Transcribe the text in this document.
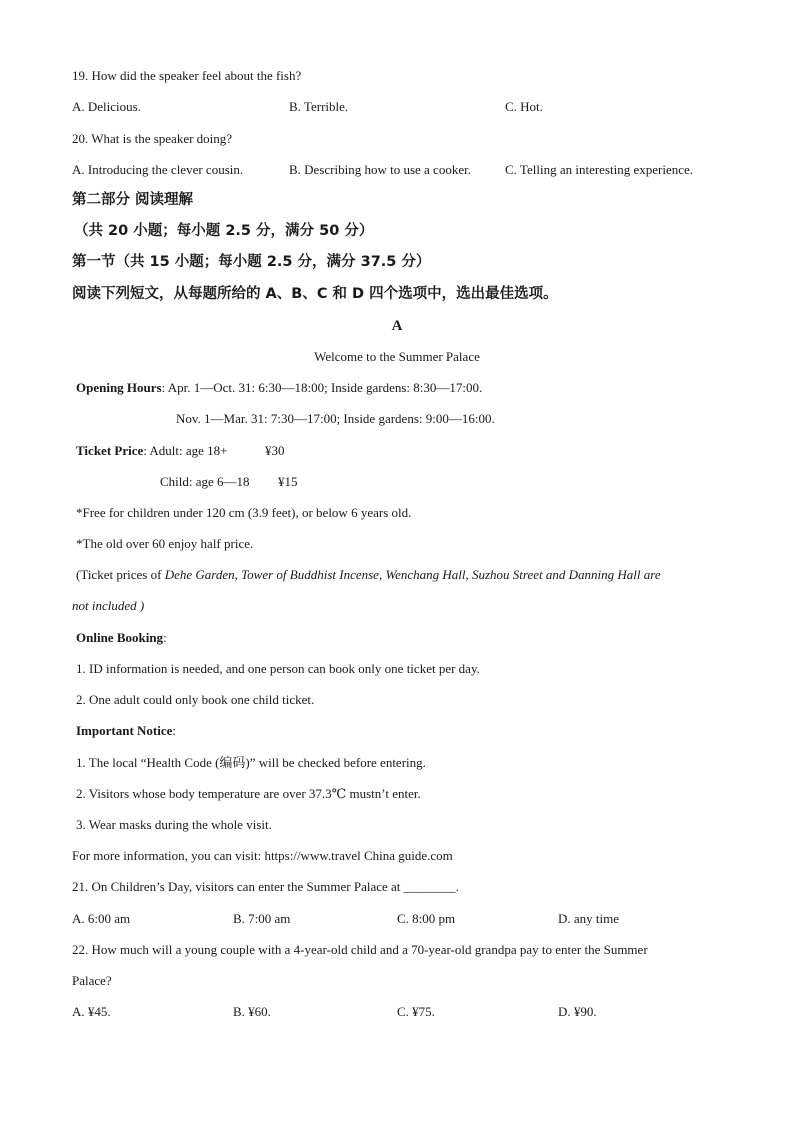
19. How did the speaker feel about the fish?
A. Delicious.	B. Terrible.	C. Hot.
20. What is the speaker doing?
A. Introducing the clever cousin.	B. Describing how to use a cooker.	C. Telling an interesting experience.
第二部分 阅读理解
（共 20 小题；每小题 2.5 分，满分 50 分）
第一节（共 15 小题；每小题 2.5 分，满分 37.5 分）
阅读下列短文，从每题所给的 A、B、C 和 D 四个选项中，选出最佳选项。
A
Welcome to the Summer Palace
Opening Hours: Apr. 1—Oct. 31: 6:30—18:00; Inside gardens: 8:30—17:00.
Nov. 1—Mar. 31: 7:30—17:00; Inside gardens: 9:00—16:00.
Ticket Price: Adult: age 18+	¥30
Child: age 6—18 ¥15
*Free for children under 120 cm (3.9 feet), or below 6 years old.
*The old over 60 enjoy half price.
(Ticket prices of Dehe Garden, Tower of Buddhist Incense, Wenchang Hall, Suzhou Street and Danning Hall are
not included )
Online Booking:
1. ID information is needed, and one person can book only one ticket per day.
2. One adult could only book one child ticket.
Important Notice:
1. The local “Health Code (编码)” will be checked before entering.
2. Visitors whose body temperature are over 37.3℃ mustn’t enter.
3. Wear masks during the whole visit.
For more information, you can visit: https://www.travel China guide.com
21. On Children’s Day, visitors can enter the Summer Palace at ________.
A. 6:00 am	B. 7:00 am	C. 8:00 pm	D. any time
22. How much will a young couple with a 4-year-old child and a 70-year-old grandpa pay to enter the Summer
Palace?
A. ¥45.	B. ¥60.	C. ¥75.	D. ¥90.
